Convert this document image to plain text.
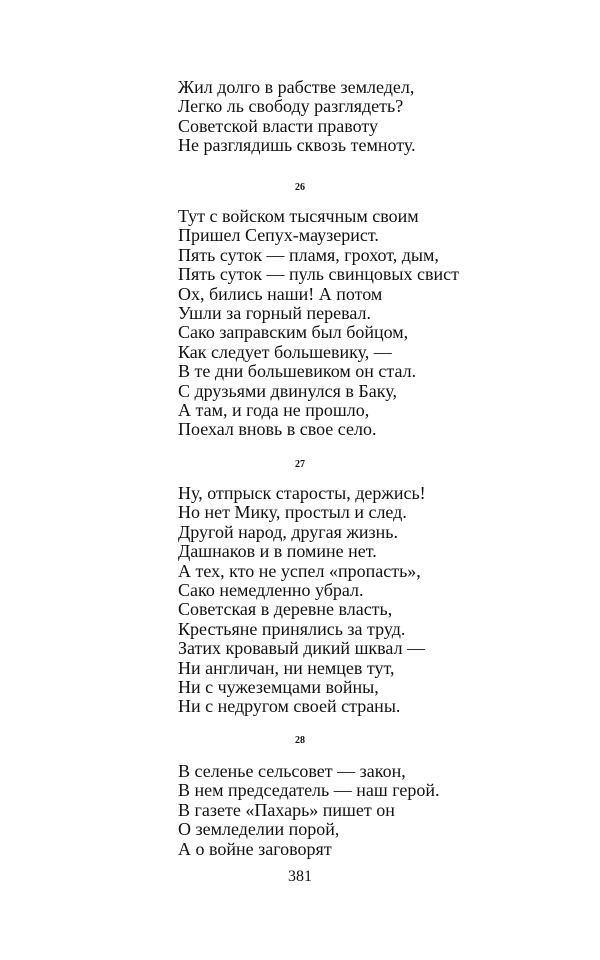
Жил долго в рабстве земледел,
Легко ль свободу разглядеть?
Советской власти правоту
Не разглядишь сквозь темноту.
26
Тут с войском тысячным своим
Пришел Сепух-маузерист.
Пять суток — пламя, грохот, дым,
Пять суток — пуль свинцовых свист
Ох, бились наши! А потом
Ушли за горный перевал.
Сако заправским был бойцом,
Как следует большевику, —
В те дни большевиком он стал.
С друзьями двинулся в Баку,
А там, и года не прошло,
Поехал вновь в свое село.
27
Ну, отпрыск старосты, держись!
Но нет Мику, простыл и след.
Другой народ, другая жизнь.
Дашнаков и в помине нет.
А тех, кто не успел «пропасть»,
Сако немедленно убрал.
Советская в деревне власть,
Крестьяне принялись за труд.
Затих кровавый дикий шквал —
Ни англичан, ни немцев тут,
Ни с чужеземцами войны,
Ни с недругом своей страны.
28
В селенье сельсовет — закон,
В нем председатель — наш герой.
В газете «Пахарь» пишет он
О земледелии порой,
А о войне заговорят
381
